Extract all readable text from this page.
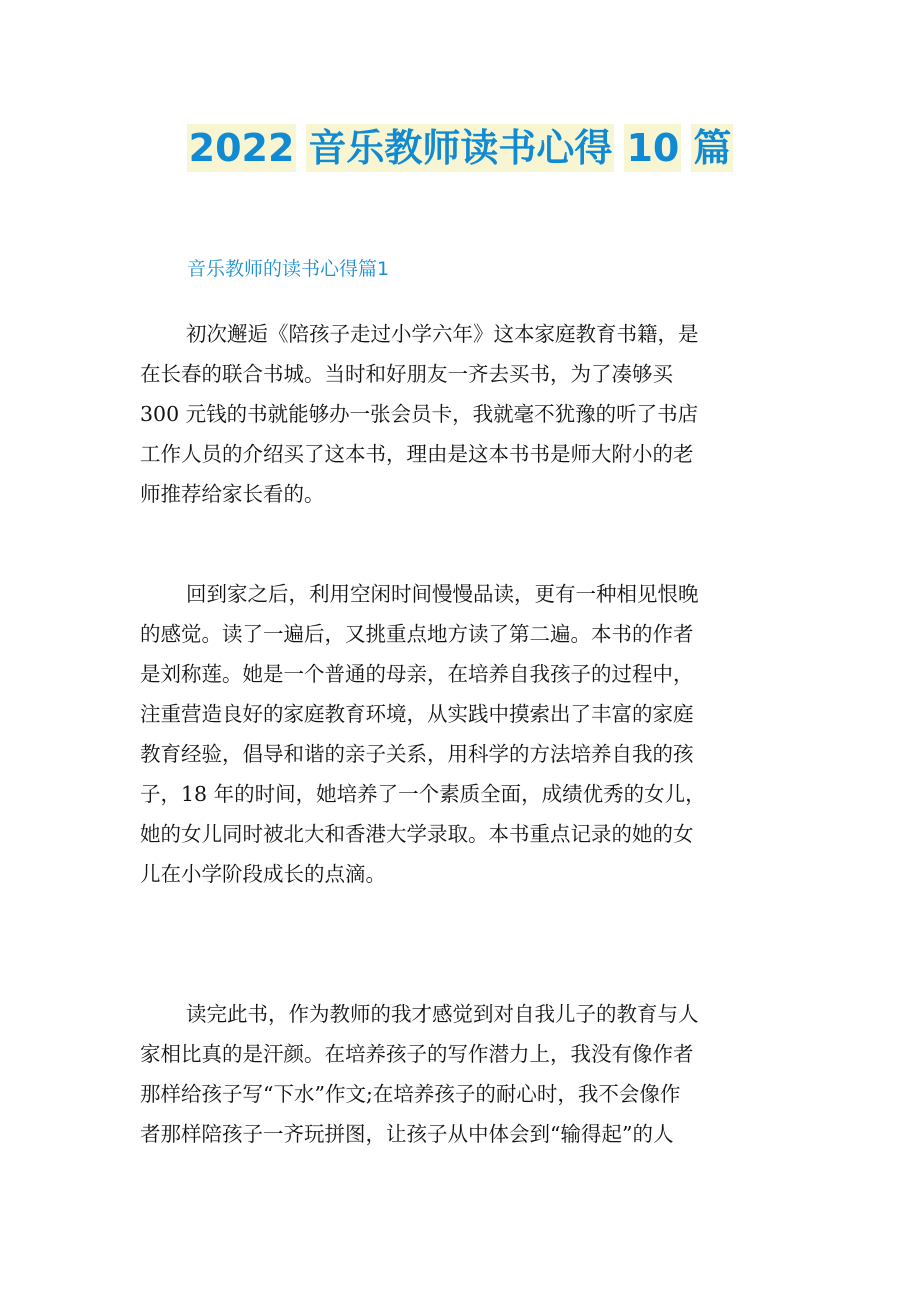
2022 音乐教师读书心得 10 篇
音乐教师的读书心得篇1
初次邂逅《陪孩子走过小学六年》这本家庭教育书籍，是
在长春的联合书城。当时和好朋友一齐去买书，为了凑够买
300 元钱的书就能够办一张会员卡，我就毫不犹豫的听了书店
工作人员的介绍买了这本书，理由是这本书书是师大附小的老
师推荐给家长看的。
回到家之后，利用空闲时间慢慢品读，更有一种相见恨晚
的感觉。读了一遍后，又挑重点地方读了第二遍。本书的作者
是刘称莲。她是一个普通的母亲，在培养自我孩子的过程中，
注重营造良好的家庭教育环境，从实践中摸索出了丰富的家庭
教育经验，倡导和谐的亲子关系，用科学的方法培养自我的孩
子，18 年的时间，她培养了一个素质全面，成绩优秀的女儿，
她的女儿同时被北大和香港大学录取。本书重点记录的她的女
儿在小学阶段成长的点滴。
读完此书，作为教师的我才感觉到对自我儿子的教育与人
家相比真的是汗颜。在培养孩子的写作潜力上，我没有像作者
那样给孩子写“下水”作文;在培养孩子的耐心时，我不会像作
者那样陪孩子一齐玩拼图，让孩子从中体会到“输得起”的人
